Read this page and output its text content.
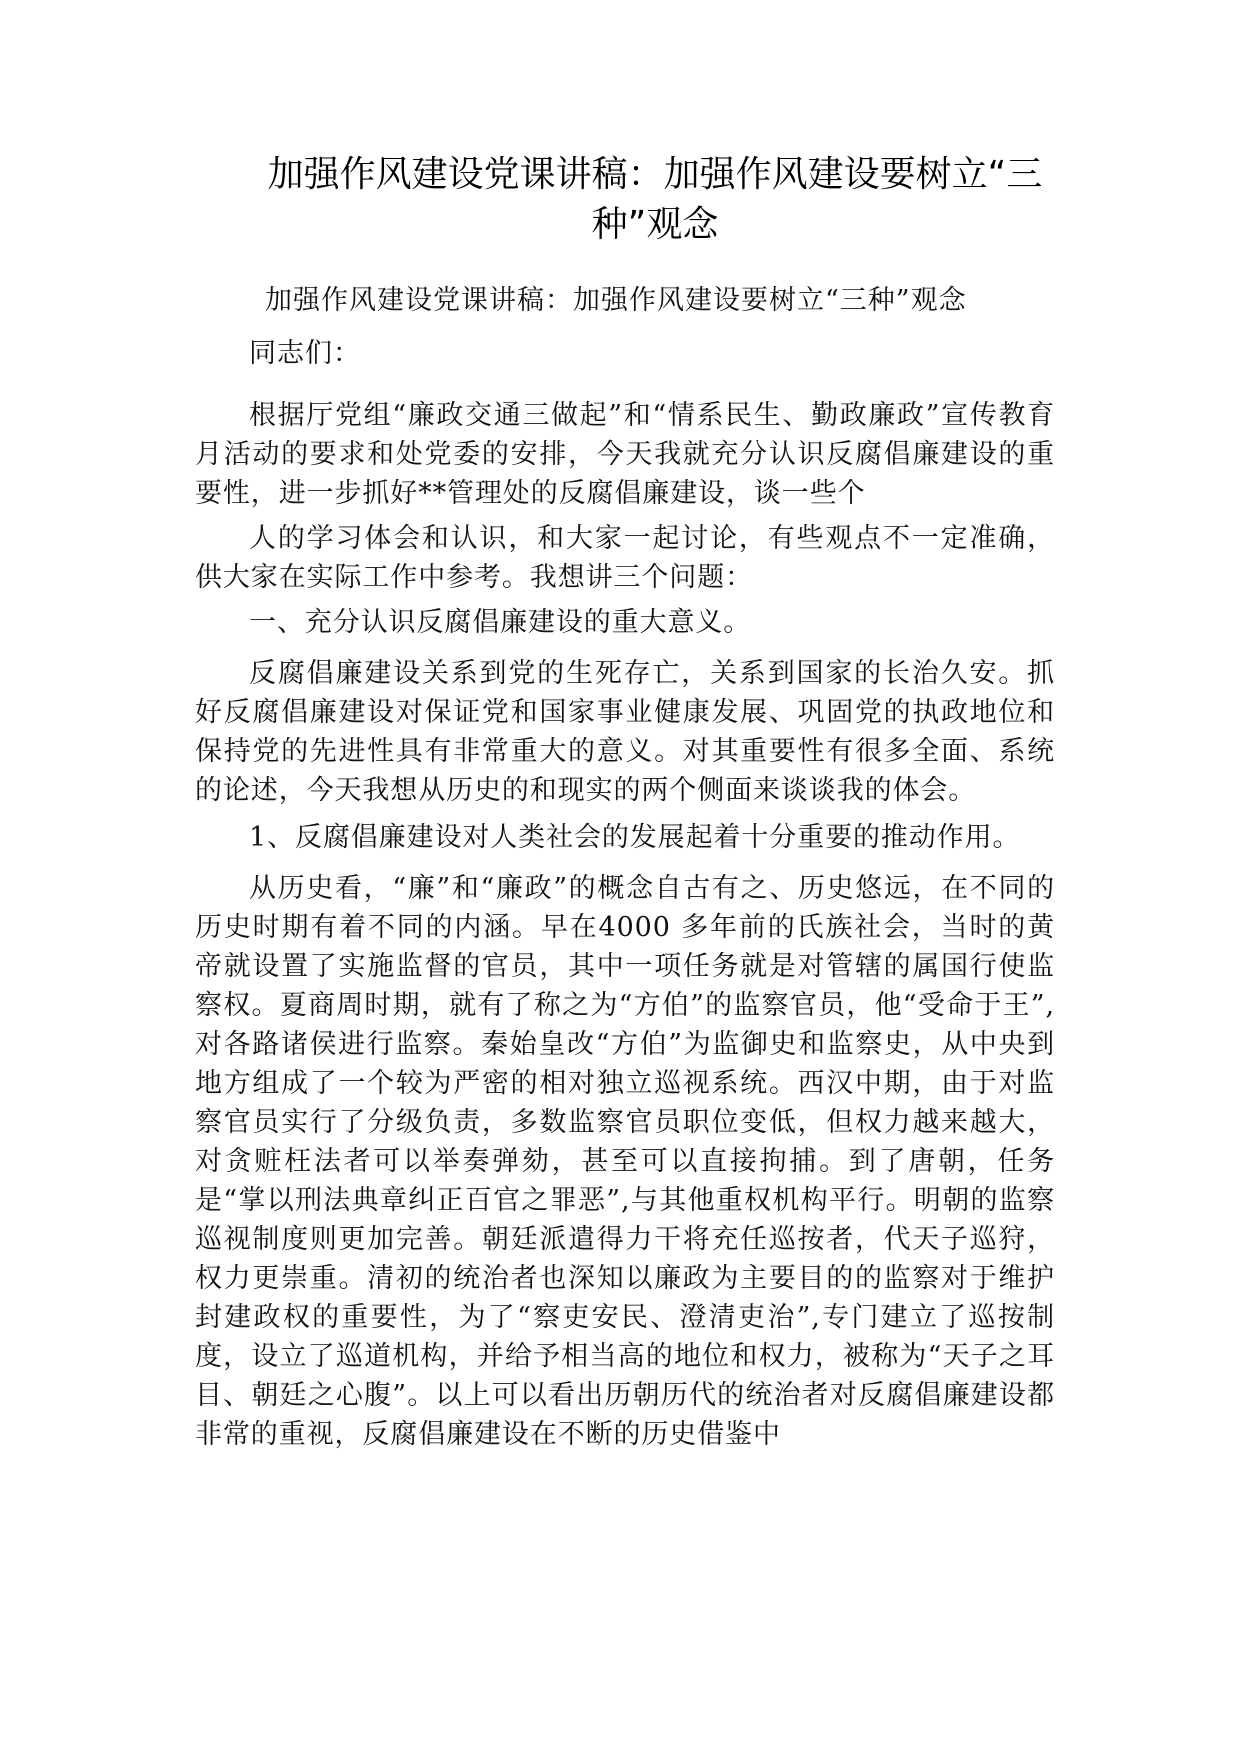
加强作风建设党课讲稿：加强作风建设要树立“三种”观念

加强作风建设党课讲稿：加强作风建设要树立“三种”观念

同志们：

根据厅党组“廉政交通三做起”和“情系民生、勤政廉政”宣传教育月活动的要求和处党委的安排，今天我就充分认识反腐倡廉建设的重要性，进一步抓好**管理处的反腐倡廉建设，谈一些个

人的学习体会和认识，和大家一起讨论，有些观点不一定准确，供大家在实际工作中参考。我想讲三个问题：

一、充分认识反腐倡廉建设的重大意义。

反腐倡廉建设关系到党的生死存亡，关系到国家的长治久安。抓好反腐倡廉建设对保证党和国家事业健康发展、巩固党的执政地位和保持党的先进性具有非常重大的意义。对其重要性有很多全面、系统的论述，今天我想从历史的和现实的两个侧面来谈谈我的体会。

1、反腐倡廉建设对人类社会的发展起着十分重要的推动作用。

从历史看，“廉”和“廉政”的概念自古有之、历史悠远，在不同的历史时期有着不同的内涵。早在4000 多年前的氏族社会，当时的黄帝就设置了实施监督的官员，其中一项任务就是对管辖的属国行使监察权。夏商周时期，就有了称之为“方伯”的监察官员，他“受命于王”,对各路诸侯进行监察。秦始皇改“方伯”为监御史和监察史，从中央到地方组成了一个较为严密的相对独立巡视系统。西汉中期，由于对监察官员实行了分级负责，多数监察官员职位变低，但权力越来越大，对贪赃枉法者可以举奏弹劾，甚至可以直接拘捕。到了唐朝，任务是“掌以刑法典章纠正百官之罪恶”,与其他重权机构平行。明朝的监察巡视制度则更加完善。朝廷派遣得力干将充任巡按者，代天子巡狩，权力更崇重。清初的统治者也深知以廉政为主要目的的监察对于维护封建政权的重要性，为了“察吏安民、澄清吏治”,专门建立了巡按制度，设立了巡道机构，并给予相当高的地位和权力，被称为“天子之耳目、朝廷之心腹”。以上可以看出历朝历代的统治者对反腐倡廉建设都非常的重视，反腐倡廉建设在不断的历史借鉴中
